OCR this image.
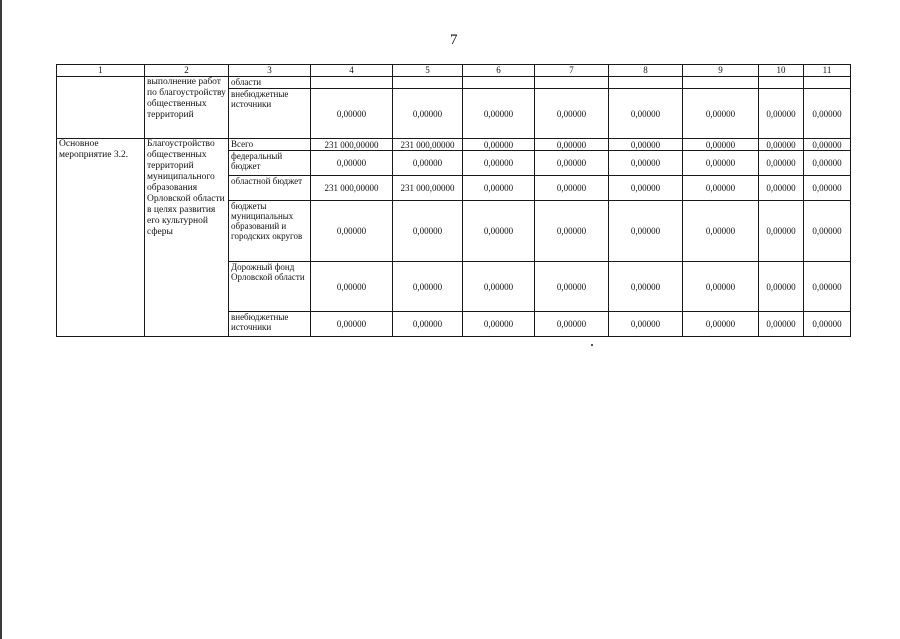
7
1	2	3	4	5	6	7	8	9	10	11
	выполнение работ по благоустройству общественных территорий	области								
		внебюджетные источники	0,00000	0,00000	0,00000	0,00000	0,00000	0,00000	0,00000	0,00000
Основное мероприятие 3.2.	Благоустройство общественных территорий муниципального образования Орловской области в целях развития его культурной сферы	Всего	231 000,00000	231 000,00000	0,00000	0,00000	0,00000	0,00000	0,00000	0,00000
		федеральный бюджет	0,00000	0,00000	0,00000	0,00000	0,00000	0,00000	0,00000	0,00000
		областной бюджет	231 000,00000	231 000,00000	0,00000	0,00000	0,00000	0,00000	0,00000	0,00000
		бюджеты муниципальных образований и городских округов	0,00000	0,00000	0,00000	0,00000	0,00000	0,00000	0,00000	0,00000
		Дорожный фонд Орловской области	0,00000	0,00000	0,00000	0,00000	0,00000	0,00000	0,00000	0,00000
		внебюджетные источники	0,00000	0,00000	0,00000	0,00000	0,00000	0,00000	0,00000	0,00000
